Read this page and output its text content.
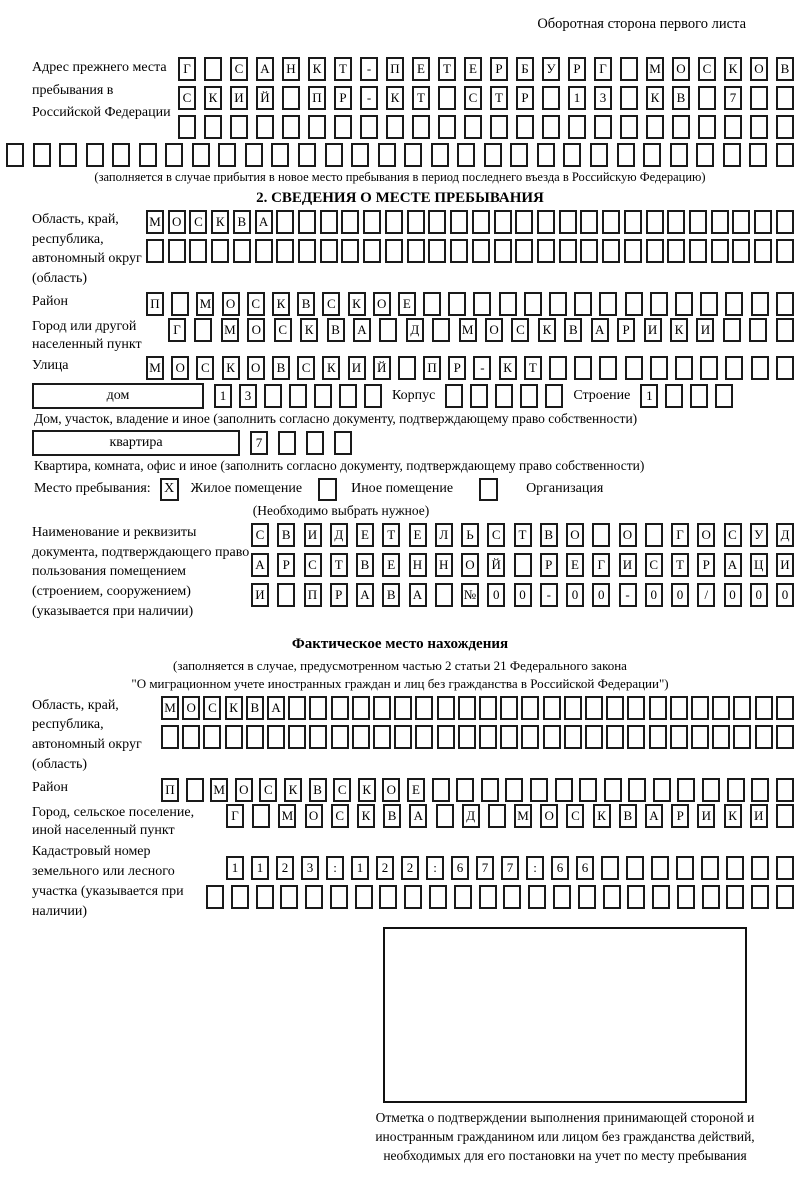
Оборотная сторона первого листа
Адрес прежнего места пребывания в Российской Федерации
Г	С	А	Н	К	Т	-	П	Е	Т	Е	Р	Б	У	Р	Г	М	О	С	К	О	В
С	К	И	Й	П	Р	-	К	Т	С	Т	Р	1	3	К	В	7
(заполняется в случае прибытия в новое место пребывания в период последнего въезда в Российскую Федерацию)
2. СВЕДЕНИЯ О МЕСТЕ ПРЕБЫВАНИЯ
Область, край, республика, автономный округ (область)
М О С	К	В А
Район	П	М	О	С	К	В	С	К	О	Е
Город или другой населенный пункт
Г	М	О	С	К	В	А	Д	М	О	С	К	В	А	Р	И	К	И
Улица	М	О	С	К	О	В	С	К	И	Й	П	Р	-	К	Т
дом	1	3	Корпус	Строение	1
Дом, участок, владение и иное (заполнить согласно документу, подтверждающему право собственности)
квартира	7
Квартира, комната, офис и иное (заполнить согласно документу, подтверждающему право собственности)
Место пребывания: X	Жилое помещение	Иное помещение	Организация
(Необходимо выбрать нужное)
Наименование и реквизиты документа, подтверждающего право пользования помещением (строением, сооружением) (указывается при наличии)
С	В	И	Д	Е	Т	Е	Л	Ь	С	Т	В	О	О	Г	О	С	У	Д
А	Р	С	Т	В	Е	Н	Н	О	Й	Р	Е	Г	И	С	Т	Р	А	Ц	И
И	П	Р	А	В	А	№	0	0	-	0	0	-	0	0	/	0	0	0
Фактическое место нахождения
(заполняется в случае, предусмотренном частью 2 статьи 21 Федерального закона
"О миграционном учете иностранных граждан и лиц без гражданства в Российской Федерации")
Область, край, республика, автономный округ (область)
М О С К В А
Район	П	М	О	С	К	В	С	К	О	Е
Город, сельское поселение, иной населенный пункт
Г	М	О	С	К	В	А	Д	М	О	С	К	В	А	Р	И	К	И
Кадастровый номер земельного или лесного участка (указывается при наличии)
1	1	2	3	:	1	2	2	:	6	7	7	:	6	6
Отметка о подтверждении выполнения принимающей стороной и иностранным гражданином или лицом без гражданства действий, необходимых для его постановки на учет по месту пребывания
